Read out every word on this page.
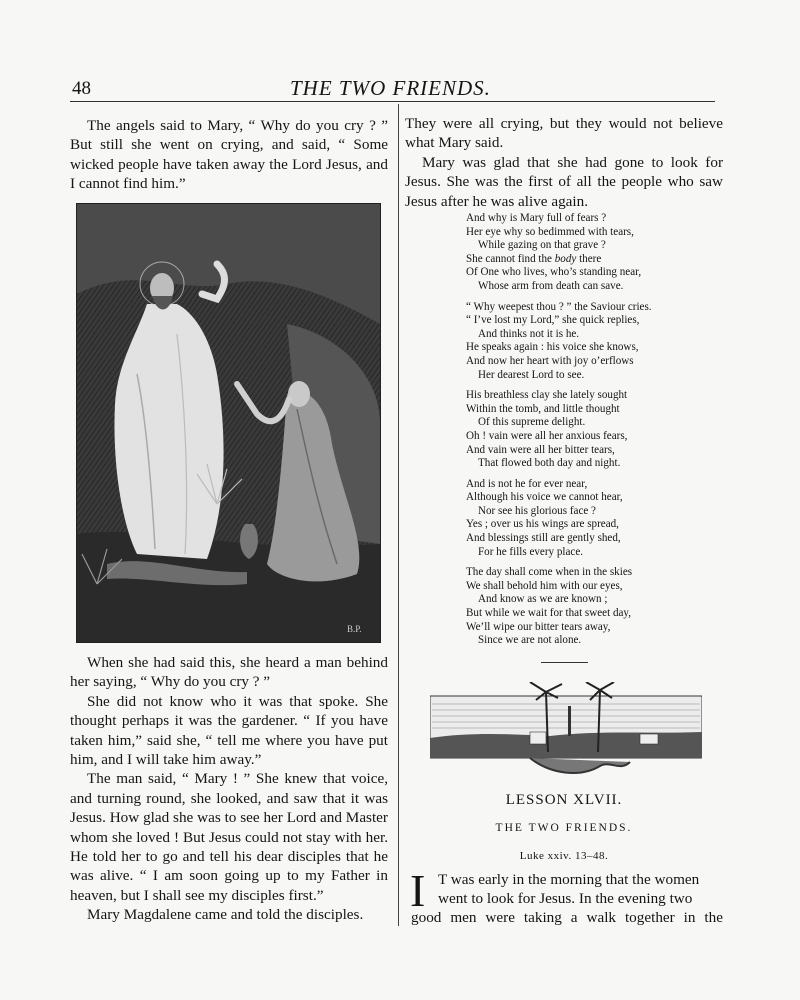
48	THE TWO FRIENDS.

The angels said to Mary, “ Why do you cry ? ” But still she went on crying, and said, “ Some wicked people have taken away the Lord Jesus, and I cannot find him.”

B.P.

When she had said this, she heard a man behind her saying, “ Why do you cry ? ”

She did not know who it was that spoke. She thought perhaps it was the gardener. “ If you have taken him,” said she, “ tell me where you have put him, and I will take him away.”

The man said, “ Mary ! ” She knew that voice, and turning round, she looked, and saw that it was Jesus. How glad she was to see her Lord and Master whom she loved ! But Jesus could not stay with her. He told her to go and tell his dear disciples that he was alive. “ I am soon going up to my Father in heaven, but I shall see my disciples first.”

Mary Magdalene came and told the disciples.

They were all crying, but they would not believe what Mary said.

Mary was glad that she had gone to look for Jesus. She was the first of all the people who saw Jesus after he was alive again.

And why is Mary full of fears ?
Her eye why so bedimmed with tears,
While gazing on that grave ?
She cannot find the body there
Of One who lives, who’s standing near,
Whose arm from death can save.
“ Why weepest thou ? ” the Saviour cries.
“ I’ve lost my Lord,” she quick replies,
And thinks not it is he.
He speaks again : his voice she knows,
And now her heart with joy o’erflows
Her dearest Lord to see.
His breathless clay she lately sought
Within the tomb, and little thought
Of this supreme delight.
Oh ! vain were all her anxious fears,
And vain were all her bitter tears,
That flowed both day and night.
And is not he for ever near,
Although his voice we cannot hear,
Nor see his glorious face ?
Yes ; over us his wings are spread,
And blessings still are gently shed,
For he fills every place.
The day shall come when in the skies
We shall behold him with our eyes,
And know as we are known ;
But while we wait for that sweet day,
We’ll wipe our bitter tears away,
Since we are not alone.
LESSON XLVII.
THE TWO FRIENDS.
Luke xxiv. 13–48.
I T was early in the morning that the women
went to look for Jesus. In the evening two
good men were taking a walk together in the
